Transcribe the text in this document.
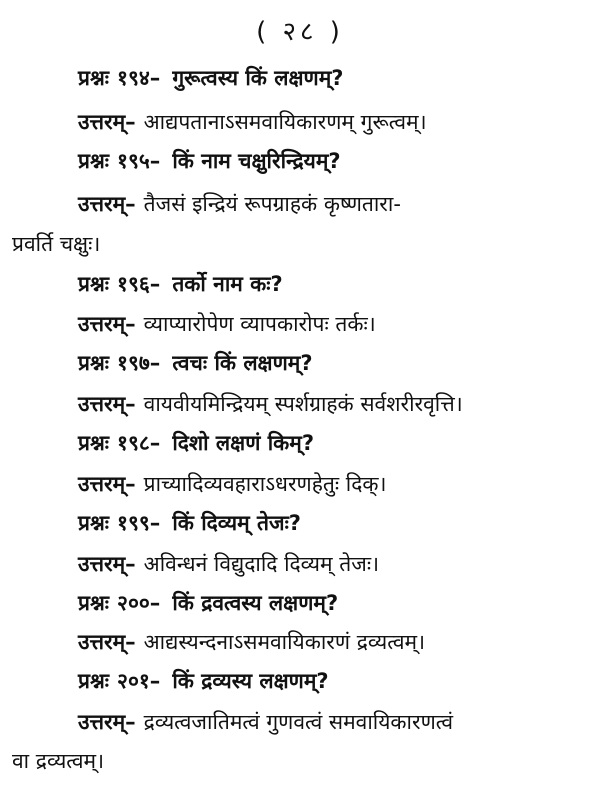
( २८ )
प्रश्नः १९४– गुरूत्वस्य किं लक्षणम्?
उत्तरम्– आद्यपतानाऽसमवायिकारणम् गुरूत्वम्।
प्रश्नः १९५– किं नाम चक्षुरिन्द्रियम्?
उत्तरम्– तैजसं इन्द्रियं रूपग्राहकं कृष्णतारा-
प्रवर्ति चक्षुः।
प्रश्नः १९६– तर्को नाम कः?
उत्तरम्– व्याप्यारोपेण व्यापकारोपः तर्कः।
प्रश्नः १९७– त्वचः किं लक्षणम्?
उत्तरम्– वायवीयमिन्द्रियम् स्पर्शग्राहकं सर्वशरीरवृत्ति।
प्रश्नः १९८– दिशो लक्षणं किम्?
उत्तरम्– प्राच्यादिव्यवहाराऽधरणहेतुः दिक्।
प्रश्नः १९९– किं दिव्यम् तेजः?
उत्तरम्– अविन्धनं विद्युदादि दिव्यम् तेजः।
प्रश्नः २००– किं द्रवत्वस्य लक्षणम्?
उत्तरम्– आद्यस्यन्दनाऽसमवायिकारणं द्रव्यत्वम्।
प्रश्नः २०१– किं द्रव्यस्य लक्षणम्?
उत्तरम्– द्रव्यत्वजातिमत्वं गुणवत्वं समवायिकारणत्वं
वा द्रव्यत्वम्।
